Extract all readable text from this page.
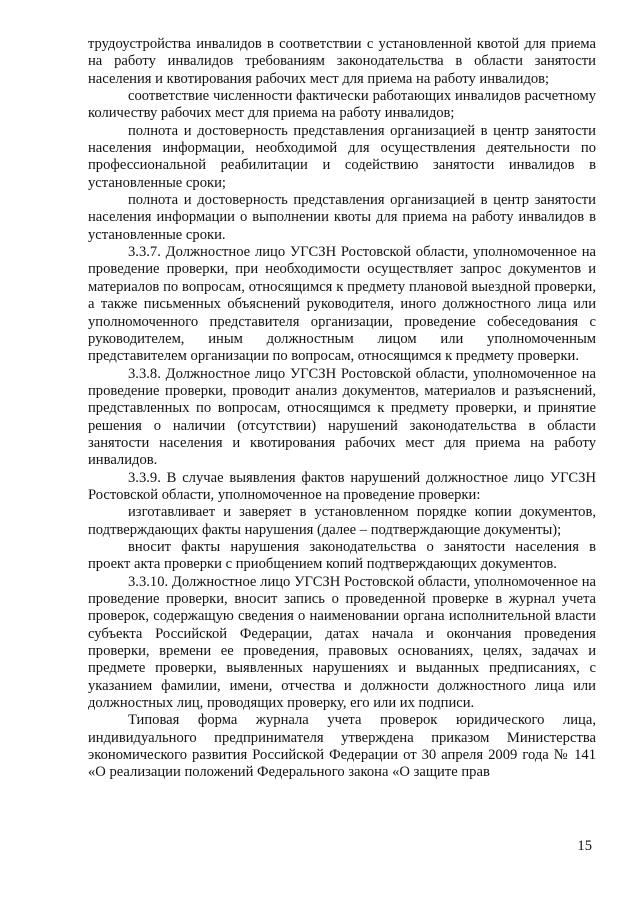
трудоустройства инвалидов в соответствии с установленной квотой для приема на работу инвалидов требованиям законодательства в области занятости населения и квотирования рабочих мест для приема на работу инвалидов;

соответствие численности фактически работающих инвалидов расчетному количеству рабочих мест для приема на работу инвалидов;

полнота и достоверность представления организацией в центр занятости населения информации, необходимой для осуществления деятельности по профессиональной реабилитации и содействию занятости инвалидов в установленные сроки;

полнота и достоверность представления организацией в центр занятости населения информации о выполнении квоты для приема на работу инвалидов в установленные сроки.

3.3.7. Должностное лицо УГСЗН Ростовской области, уполномоченное на проведение проверки, при необходимости осуществляет запрос документов и материалов по вопросам, относящимся к предмету плановой выездной проверки, а также письменных объяснений руководителя, иного должностного лица или уполномоченного представителя организации, проведение собеседования с руководителем, иным должностным лицом или уполномоченным представителем организации по вопросам, относящимся к предмету проверки.

3.3.8. Должностное лицо УГСЗН Ростовской области, уполномоченное на проведение проверки, проводит анализ документов, материалов и разъяснений, представленных по вопросам, относящимся к предмету проверки, и принятие решения о наличии (отсутствии) нарушений законодательства в области занятости населения и квотирования рабочих мест для приема на работу инвалидов.

3.3.9. В случае выявления фактов нарушений должностное лицо УГСЗН Ростовской области, уполномоченное на проведение проверки:

изготавливает и заверяет в установленном порядке копии документов, подтверждающих факты нарушения (далее – подтверждающие документы);

вносит факты нарушения законодательства о занятости населения в проект акта проверки с приобщением копий подтверждающих документов.

3.3.10. Должностное лицо УГСЗН Ростовской области, уполномоченное на проведение проверки, вносит запись о проведенной проверке в журнал учета проверок, содержащую сведения о наименовании органа исполнительной власти субъекта Российской Федерации, датах начала и окончания проведения проверки, времени ее проведения, правовых основаниях, целях, задачах и предмете проверки, выявленных нарушениях и выданных предписаниях, с указанием фамилии, имени, отчества и должности должностного лица или должностных лиц, проводящих проверку, его или их подписи.

Типовая форма журнала учета проверок юридического лица, индивидуального предпринимателя утверждена приказом Министерства экономического развития Российской Федерации от 30 апреля 2009 года № 141 «О реализации положений Федерального закона «О защите прав

15
